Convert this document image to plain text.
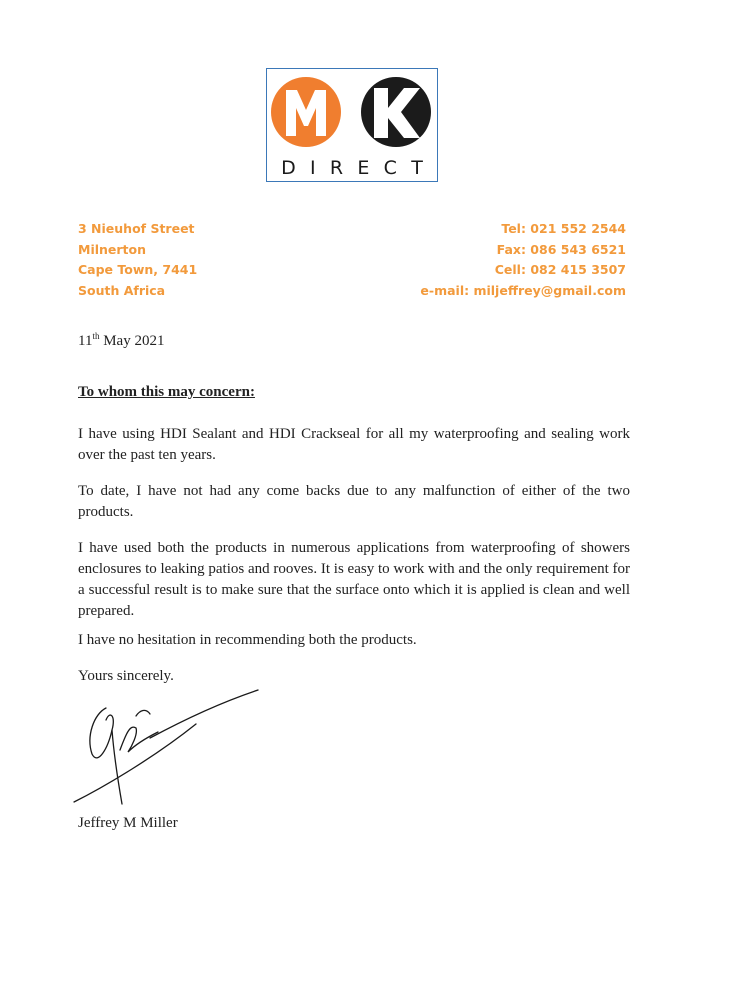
D I R E C T
3 Nieuhof Street
Milnerton
Cape Town, 7441
South Africa
Tel: 021 552 2544
Fax: 086 543 6521
Cell: 082 415 3507
e-mail: miljeffrey@gmail.com
11th May 2021
To whom this may concern:

I have using HDI Sealant and HDI Crackseal for all my waterproofing and sealing work over the past ten years.

To date, I have not had any come backs due to any malfunction of either of the two products.

I have used both the products in numerous applications from waterproofing of showers enclosures to leaking patios and rooves. It is easy to work with and the only requirement for a successful result is to make sure that the surface onto which it is applied is clean and well prepared.

I have no hesitation in recommending both the products.

Yours sincerely.

Jeffrey M Miller
